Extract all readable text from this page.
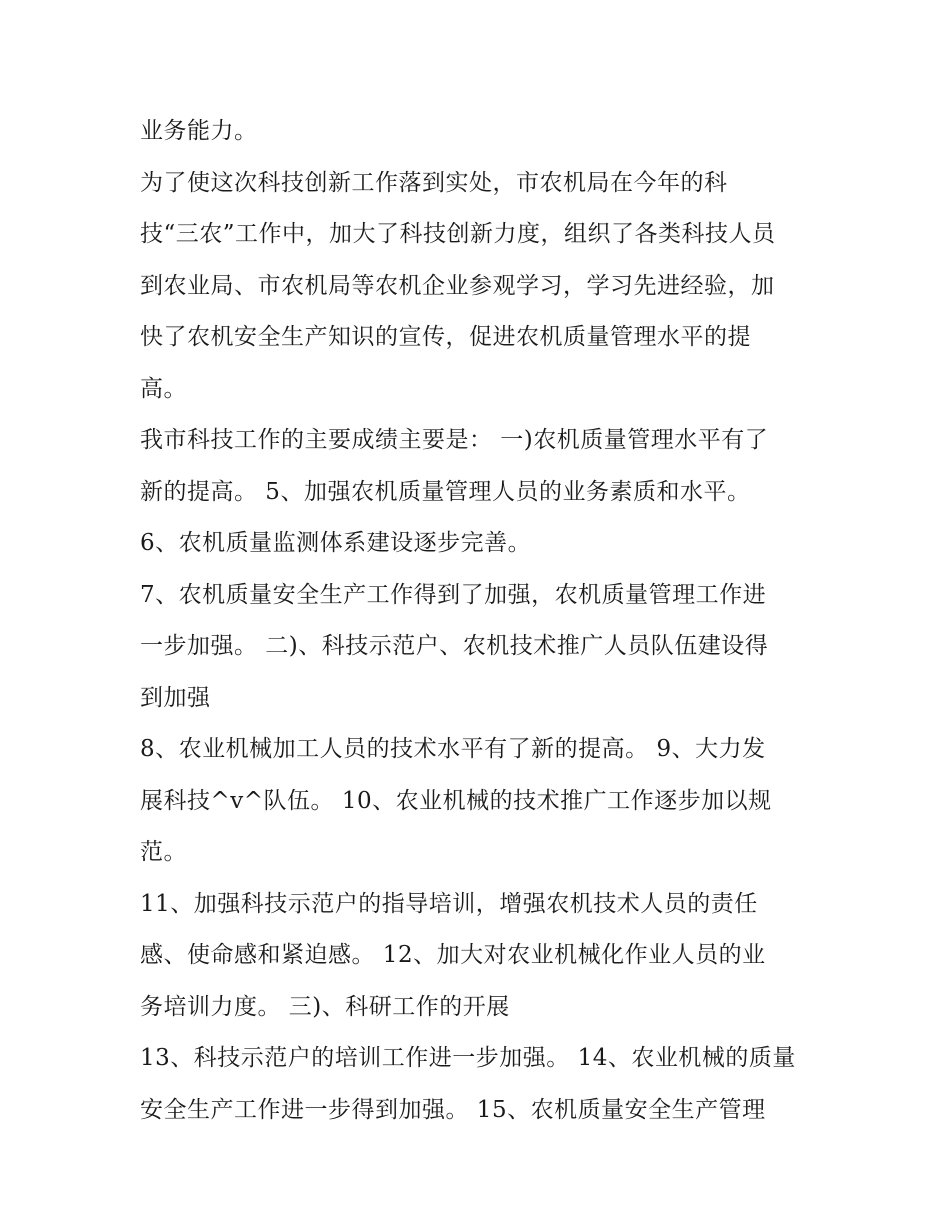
业务能力。
为了使这次科技创新工作落到实处，市农机局在今年的科
技“三农”工作中，加大了科技创新力度，组织了各类科技人员
到农业局、市农机局等农机企业参观学习，学习先进经验，加
快了农机安全生产知识的宣传，促进农机质量管理水平的提
高。
我市科技工作的主要成绩主要是： 一)农机质量管理水平有了
新的提高。 5、加强农机质量管理人员的业务素质和水平。
6、农机质量监测体系建设逐步完善。
7、农机质量安全生产工作得到了加强，农机质量管理工作进
一步加强。 二)、科技示范户、农机技术推广人员队伍建设得
到加强
8、农业机械加工人员的技术水平有了新的提高。 9、大力发
展科技^v^队伍。 10、农业机械的技术推广工作逐步加以规
范。
11、加强科技示范户的指导培训，增强农机技术人员的责任
感、使命感和紧迫感。 12、加大对农业机械化作业人员的业
务培训力度。 三)、科研工作的开展
13、科技示范户的培训工作进一步加强。 14、农业机械的质量
安全生产工作进一步得到加强。 15、农机质量安全生产管理
